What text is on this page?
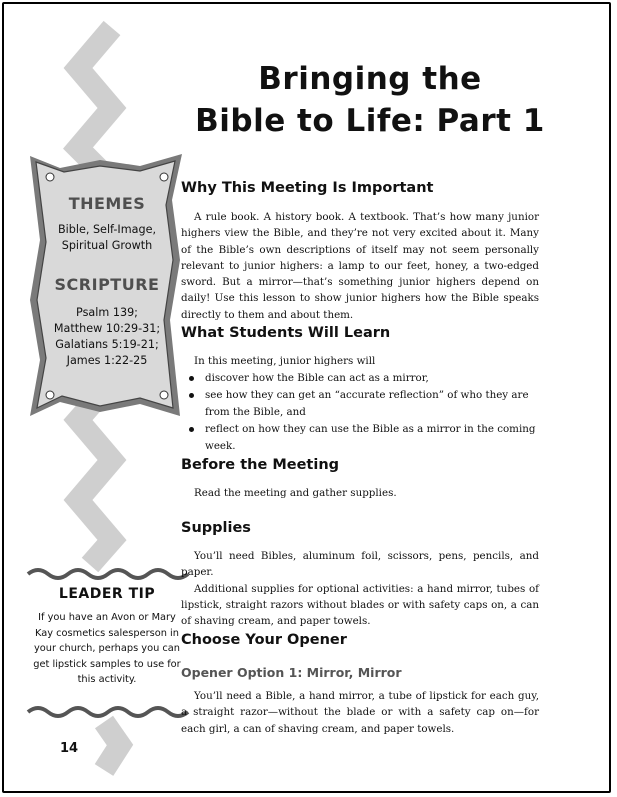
Bringing the
Bible to Life: Part 1
THEMES
Bible, Self-Image,
Spiritual Growth
SCRIPTURE
Psalm 139;
Matthew 10:29-31;
Galatians 5:19-21;
James 1:22-25
Why This Meeting Is Important

A rule book. A history book. A textbook. That’s how many junior highers view the Bible, and they’re not very excited about it. Many of the Bible’s own descriptions of itself may not seem personally relevant to junior highers: a lamp to our feet, honey, a two-edged sword. But a mirror—that’s something junior highers depend on daily! Use this lesson to show junior highers how the Bible speaks directly to them and about them.

What Students Will Learn
In this meeting, junior highers will
discover how the Bible can act as a mirror,
see how they can get an “accurate reflection” of who they are from the Bible, and
reflect on how they can use the Bible as a mirror in the coming week.
Before the Meeting
Read the meeting and gather supplies.
Supplies

You’ll need Bibles, aluminum foil, scissors, pens, pencils, and paper.

Additional supplies for optional activities: a hand mirror, tubes of lipstick, straight razors without blades or with safety caps on, a can of shaving cream, and paper towels.

Choose Your Opener
Opener Option 1: Mirror, Mirror

You’ll need a Bible, a hand mirror, a tube of lipstick for each guy, a straight razor—without the blade or with a safety cap on—for each girl, a can of shaving cream, and paper towels.

LEADER TIP
If you have an Avon or Mary Kay cosmetics salesperson in your church, perhaps you can get lipstick samples to use for this activity.
14
